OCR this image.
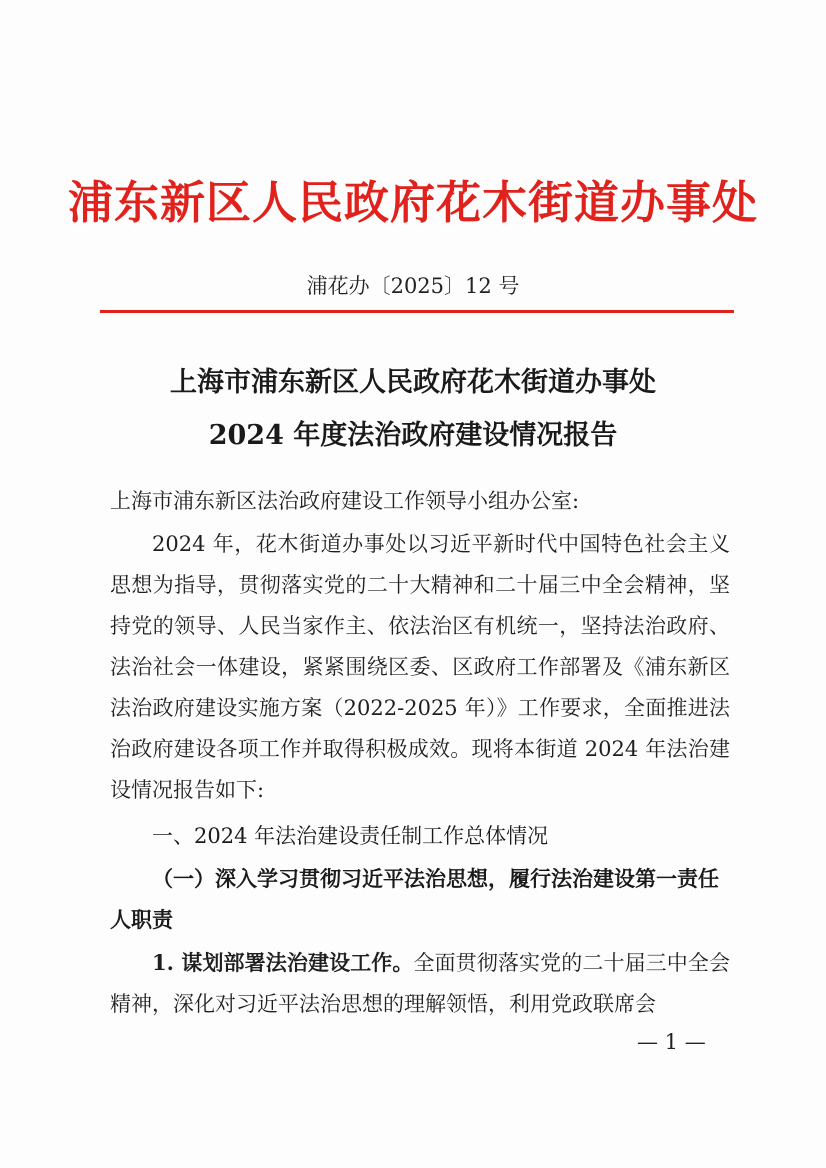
浦东新区人民政府花木街道办事处
浦花办〔2025〕12 号
上海市浦东新区人民政府花木街道办事处
2024 年度法治政府建设情况报告
上海市浦东新区法治政府建设工作领导小组办公室:
2024 年，花木街道办事处以习近平新时代中国特色社会主义思想为指导，贯彻落实党的二十大精神和二十届三中全会精神，坚持党的领导、人民当家作主、依法治区有机统一，坚持法治政府、法治社会一体建设，紧紧围绕区委、区政府工作部署及《浦东新区法治政府建设实施方案（2022-2025 年）》工作要求，全面推进法治政府建设各项工作并取得积极成效。现将本街道 2024 年法治建设情况报告如下:
一、2024 年法治建设责任制工作总体情况
（一）深入学习贯彻习近平法治思想，履行法治建设第一责任人职责
1. 谋划部署法治建设工作。全面贯彻落实党的二十届三中全会精神，深化对习近平法治思想的理解领悟，利用党政联席会
— 1 —
